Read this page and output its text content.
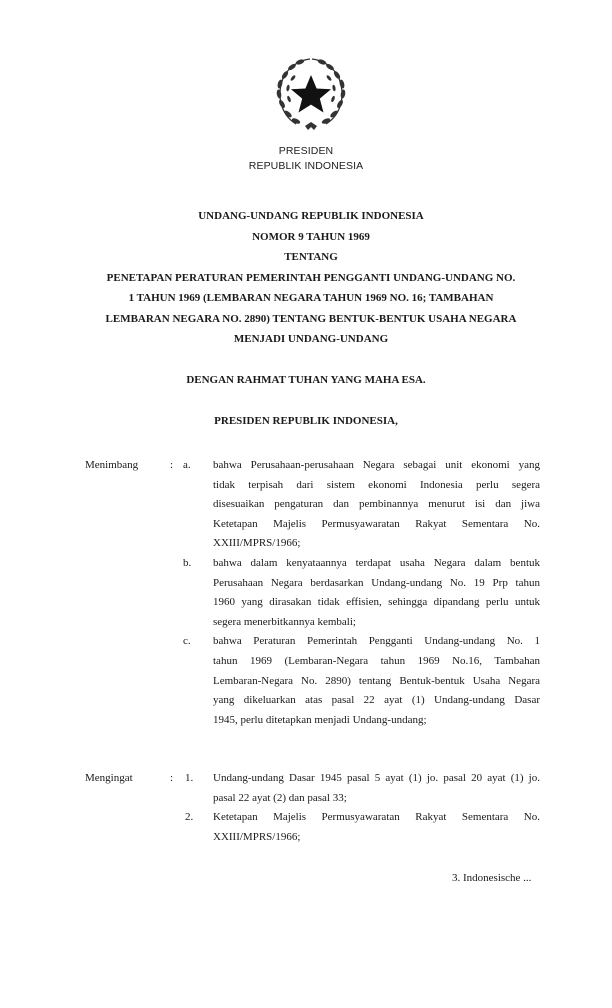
PRESIDEN
REPUBLIK INDONESIA
UNDANG-UNDANG REPUBLIK INDONESIA
NOMOR 9 TAHUN 1969
TENTANG
PENETAPAN PERATURAN PEMERINTAH PENGGANTI UNDANG-UNDANG NO.
1 TAHUN 1969 (LEMBARAN NEGARA TAHUN 1969 NO. 16; TAMBAHAN
LEMBARAN NEGARA NO. 2890) TENTANG BENTUK-BENTUK USAHA NEGARA
MENJADI UNDANG-UNDANG
DENGAN RAHMAT TUHAN YANG MAHA ESA.
PRESIDEN REPUBLIK INDONESIA,
Menimbang	: a. bahwa Perusahaan-perusahaan Negara sebagai unit ekonomi yang
tidak terpisah dari sistem ekonomi Indonesia perlu segera
disesuaikan pengaturan dan pembinannya menurut isi dan jiwa
Ketetapan Majelis Permusyawaratan Rakyat Sementara No.
XXIII/MPRS/1966;
b. bahwa dalam kenyataannya terdapat usaha Negara dalam bentuk
Perusahaan Negara berdasarkan Undang-undang No. 19 Prp tahun
1960 yang dirasakan tidak effisien, sehingga dipandang perlu untuk
segera menerbitkannya kembali;
c. bahwa Peraturan Pemerintah Pengganti Undang-undang No. 1
tahun 1969 (Lembaran-Negara tahun 1969 No.16, Tambahan
Lembaran-Negara No. 2890) tentang Bentuk-bentuk Usaha Negara
yang dikeluarkan atas pasal 22 ayat (1) Undang-undang Dasar
1945, perlu ditetapkan menjadi Undang-undang;
Mengingat	: 1. Undang-undang Dasar 1945 pasal 5 ayat (1) jo. pasal 20 ayat (1) jo.
pasal 22 ayat (2) dan pasal 33;
2. Ketetapan Majelis Permusyawaratan Rakyat Sementara No.
XXIII/MPRS/1966;
3. Indonesische ...
